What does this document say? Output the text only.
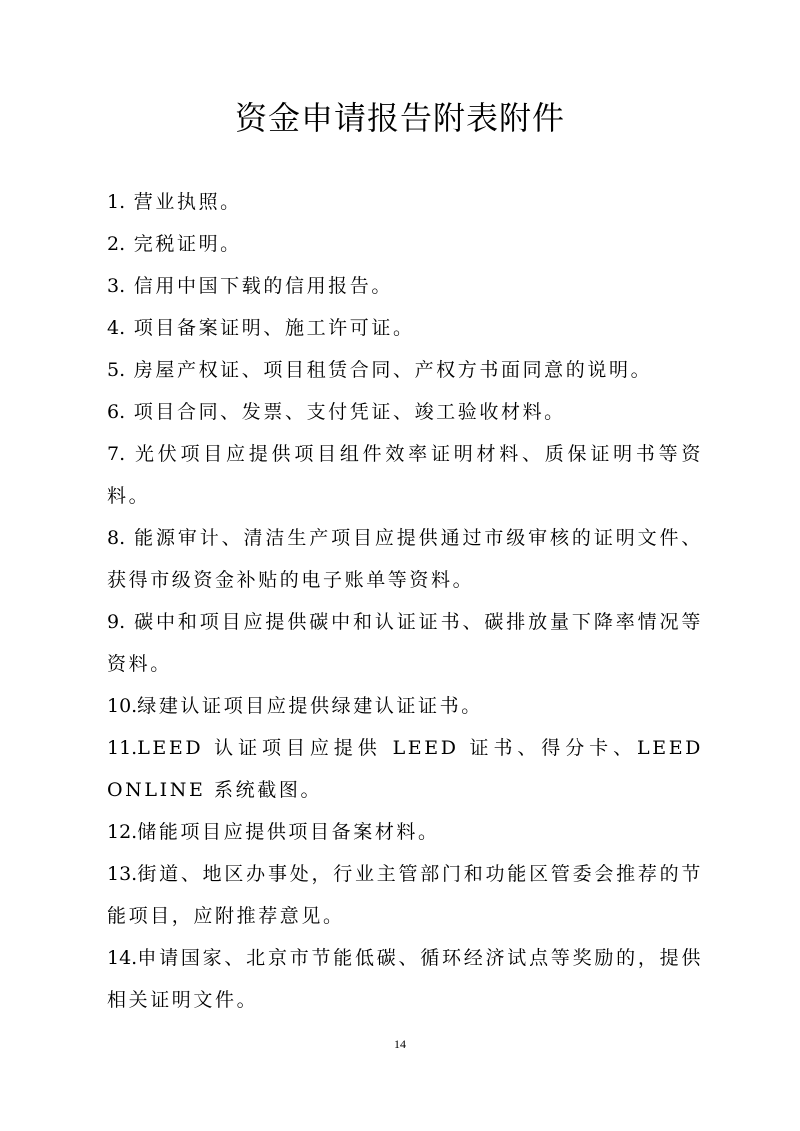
资金申请报告附表附件
1. 营业执照。
2. 完税证明。
3. 信用中国下载的信用报告。
4. 项目备案证明、施工许可证。
5. 房屋产权证、项目租赁合同、产权方书面同意的说明。
6. 项目合同、发票、支付凭证、竣工验收材料。
7. 光伏项目应提供项目组件效率证明材料、质保证明书等资料。
8. 能源审计、清洁生产项目应提供通过市级审核的证明文件、获得市级资金补贴的电子账单等资料。
9. 碳中和项目应提供碳中和认证证书、碳排放量下降率情况等资料。
10.绿建认证项目应提供绿建认证证书。
11.LEED 认证项目应提供 LEED 证书、得分卡、LEED ONLINE 系统截图。
12.储能项目应提供项目备案材料。
13.街道、地区办事处，行业主管部门和功能区管委会推荐的节能项目，应附推荐意见。
14.申请国家、北京市节能低碳、循环经济试点等奖励的，提供相关证明文件。
14
